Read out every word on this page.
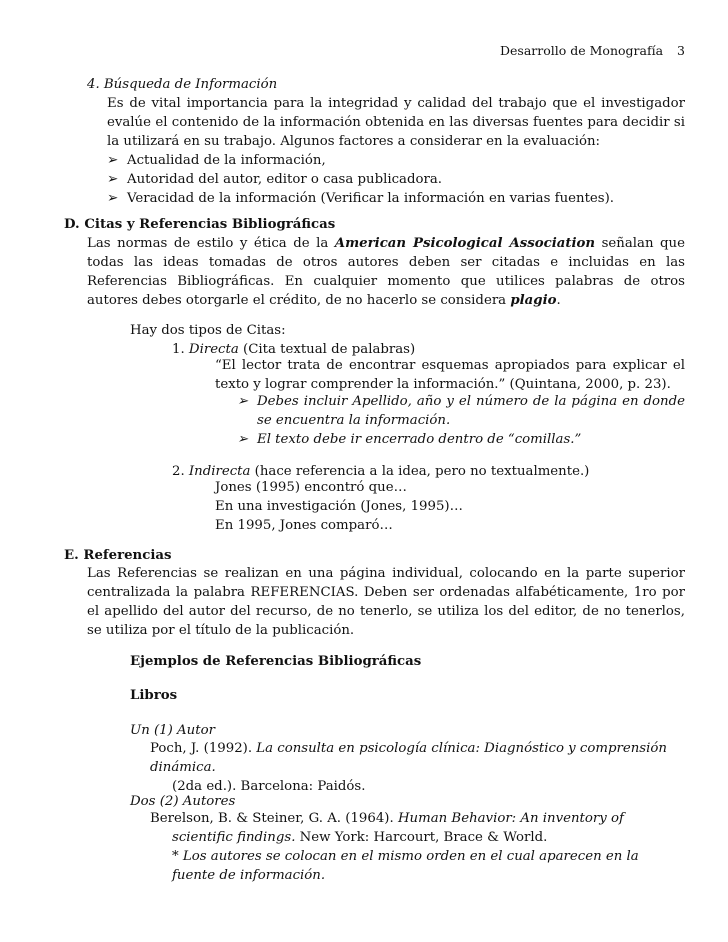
Desarrollo de Monografía 3
4. Búsqueda de Información

Es de vital importancia para la integridad y calidad del trabajo que el investigador evalúe el contenido de la información obtenida en las diversas fuentes para decidir si la utilizará en su trabajo. Algunos factores a considerar en la evaluación:

➢ Actualidad de la información,
➢ Autoridad del autor, editor o casa publicadora.
➢ Veracidad de la información (Verificar la información en varias fuentes).
D. Citas y Referencias Bibliográficas
Las normas de estilo y ética de la American Psicological Association señalan que todas las ideas tomadas de otros autores deben ser citadas e incluidas en las Referencias Bibliográficas. En cualquier momento que utilices palabras de otros autores debes otorgarle el crédito, de no hacerlo se considera plagio.
Hay dos tipos de Citas:
1. Directa (Cita textual de palabras)
“El lector trata de encontrar esquemas apropiados para explicar el texto y lograr comprender la información.” (Quintana, 2000, p. 23).
➢ Debes incluir Apellido, año y el número de la página en donde se encuentra la información.
➢ El texto debe ir encerrado dentro de “comillas.”
2. Indirecta (hace referencia a la idea, pero no textualmente.)
Jones (1995) encontró que…
En una investigación (Jones, 1995)…
En 1995, Jones comparó…
E. Referencias
Las Referencias se realizan en una página individual, colocando en la parte superior centralizada la palabra REFERENCIAS. Deben ser ordenadas alfabéticamente, 1ro por el apellido del autor del recurso, de no tenerlo, se utiliza los del editor, de no tenerlos, se utiliza por el título de la publicación.
Ejemplos de Referencias Bibliográficas
Libros
Un (1) Autor
Poch, J. (1992). La consulta en psicología clínica: Diagnóstico y comprensión dinámica.
(2da ed.). Barcelona: Paidós.
Dos (2) Autores
Berelson, B. & Steiner, G. A. (1964). Human Behavior: An inventory of scientific findings. New York: Harcourt, Brace & World.
* Los autores se colocan en el mismo orden en el cual aparecen en la fuente de información.
